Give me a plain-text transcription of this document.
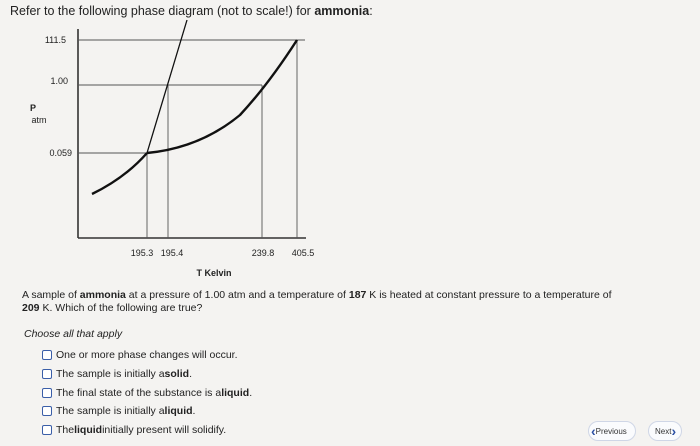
Refer to the following phase diagram (not to scale!) for ammonia:
111.5
1.00
0.059
P
atm
195.3 195.4	239.8 405.5
T Kelvin
A sample of ammonia at a pressure of 1.00 atm and a temperature of 187 K is heated at constant pressure to a temperature of
209 K. Which of the following are true?
Choose all that apply
One or more phase changes will occur.
The sample is initially a solid .
The final state of the substance is a liquid .
The sample is initially a liquid .
The liquid initially present will solidify.	‹ Previous	Next ›
